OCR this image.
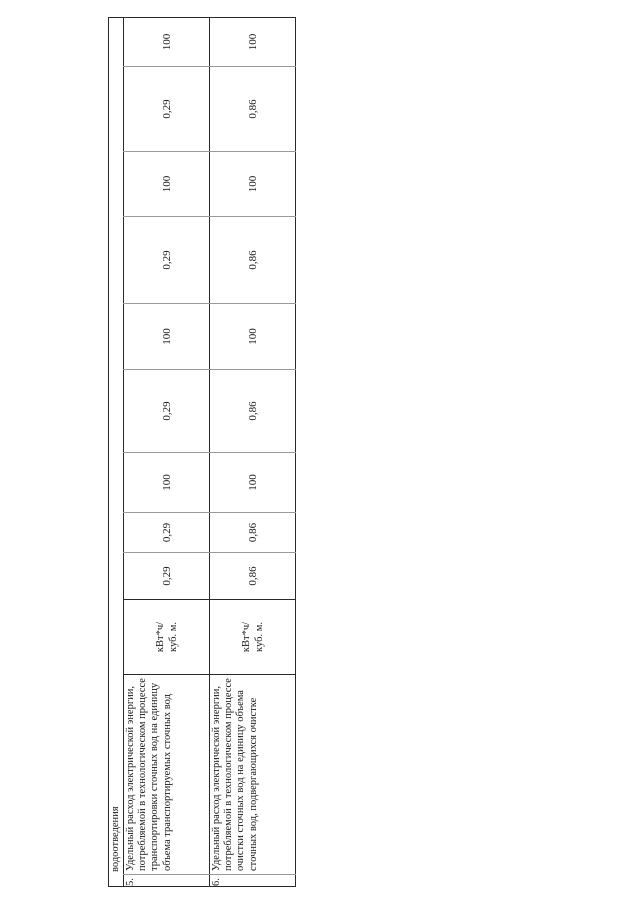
водоотведения
5.
Удельный расход электрической энергии, потребляемой в технологическом процессе транспортировки сточных вод на единицу объема транспортируемых сточных вод
кВт*ч/ куб. м.
0,29
0,29
100
0,29
100
0,29
100
0,29
100
6.
Удельный расход электрической энергии, потребляемой в технологическом процессе очистки сточных вод на единицу объема сточных вод, подвергающихся очистке
кВт*ч/ куб. м.
0,86
0,86
100
0,86
100
0,86
100
0,86
100
